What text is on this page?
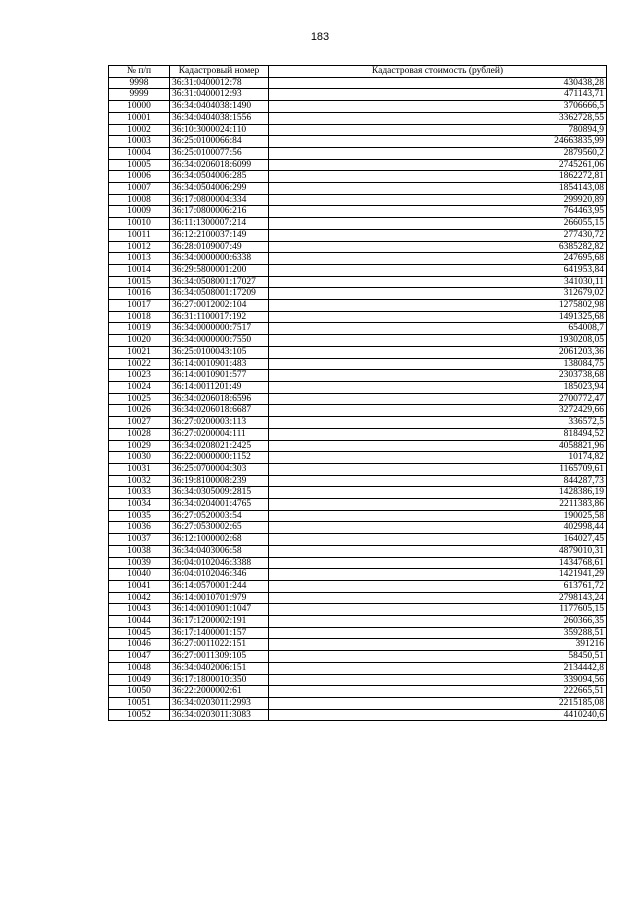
183
№ п/п	Кадастровый номер	Кадастровая стоимость (рублей)
9998	36:31:0400012:78	430438,28
9999	36:31:0400012:93	471143,71
10000	36:34:0404038:1490	3706666,5
10001	36:34:0404038:1556	3362728,55
10002	36:10:3000024:110	780894,9
10003	36:25:0100066:84	24663835,99
10004	36:25:0100077:56	2879560,2
10005	36:34:0206018:6099	2745261,06
10006	36:34:0504006:285	1862272,81
10007	36:34:0504006:299	1854143,08
10008	36:17:0800004:334	299920,89
10009	36:17:0800006:216	764463,95
10010	36:11:1300007:214	266055,15
10011	36:12:2100037:149	277430,72
10012	36:28:0109007:49	6385282,82
10013	36:34:0000000:6338	247695,68
10014	36:29:5800001:200	641953,84
10015	36:34:0508001:17027	341030,11
10016	36:34:0508001:17209	312679,02
10017	36:27:0012002:104	1275802,98
10018	36:31:1100017:192	1491325,68
10019	36:34:0000000:7517	654008,7
10020	36:34:0000000:7550	1930208,05
10021	36:25:0100043:105	2061203,36
10022	36:14:0010901:483	138084,75
10023	36:14:0010901:577	2303738,68
10024	36:14:0011201:49	185023,94
10025	36:34:0206018:6596	2700772,47
10026	36:34:0206018:6687	3272429,66
10027	36:27:0200003:113	336572,5
10028	36:27:0200004:111	818494,52
10029	36:34:0208021:2425	4058821,96
10030	36:22:0000000:1152	10174,82
10031	36:25:0700004:303	1165709,61
10032	36:19:8100008:239	844287,73
10033	36:34:0305009:2815	1428386,19
10034	36:34:0204001:4765	2211383,86
10035	36:27:0520003:54	190025,58
10036	36:27:0530002:65	402998,44
10037	36:12:1000002:68	164027,45
10038	36:34:0403006:58	4879010,31
10039	36:04:0102046:3388	1434768,61
10040	36:04:0102046:346	1421941,29
10041	36:14:0570001:244	613761,72
10042	36:14:0010701:979	2798143,24
10043	36:14:0010901:1047	1177605,15
10044	36:17:1200002:191	260366,35
10045	36:17:1400001:157	359288,51
10046	36:27:0011022:151	391216
10047	36:27:0011309:105	58450,51
10048	36:34:0402006:151	2134442,8
10049	36:17:1800010:350	339094,56
10050	36:22:2000002:61	222665,51
10051	36:34:0203011:2993	2215185,08
10052	36:34:0203011:3083	4410240,6
